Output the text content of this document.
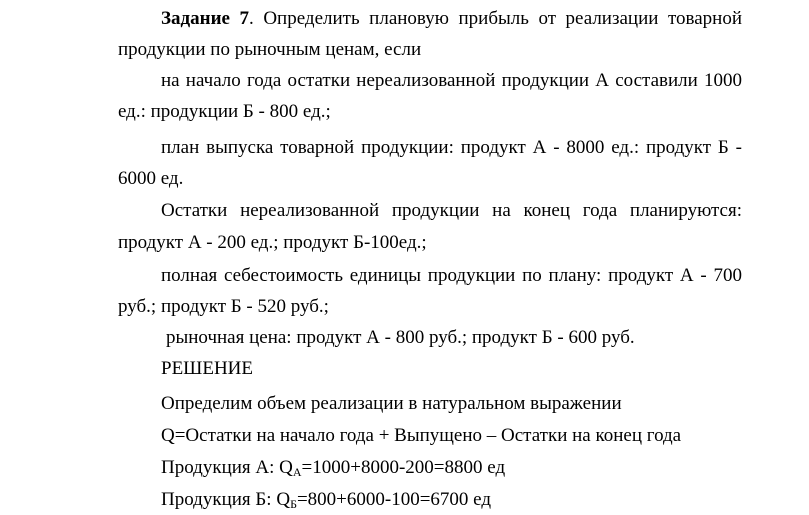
Задание 7. Определить плановую прибыль от реализации товарной
продукции по рыночным ценам, если
на начало года остатки нереализованной продукции А составили 1000
ед.: продукции Б - 800 ед.;
план выпуска товарной продукции: продукт А - 8000 ед.: продукт Б -
6000 ед.
Остатки нереализованной продукции на конец года планируются:
продукт А - 200 ед.; продукт Б-100ед.;
полная себестоимость единицы продукции по плану: продукт А - 700
руб.; продукт Б - 520 руб.;
рыночная цена: продукт А - 800 руб.; продукт Б - 600 руб.
РЕШЕНИЕ
Определим объем реализации в натуральном выражении
Q=Остатки на начало года + Выпущено – Остатки на конец года
Продукция А: $Q_А=1000+8000-200=8800$ ед
Продукция Б: $Q_Б=800+6000-100=6700$ ед
